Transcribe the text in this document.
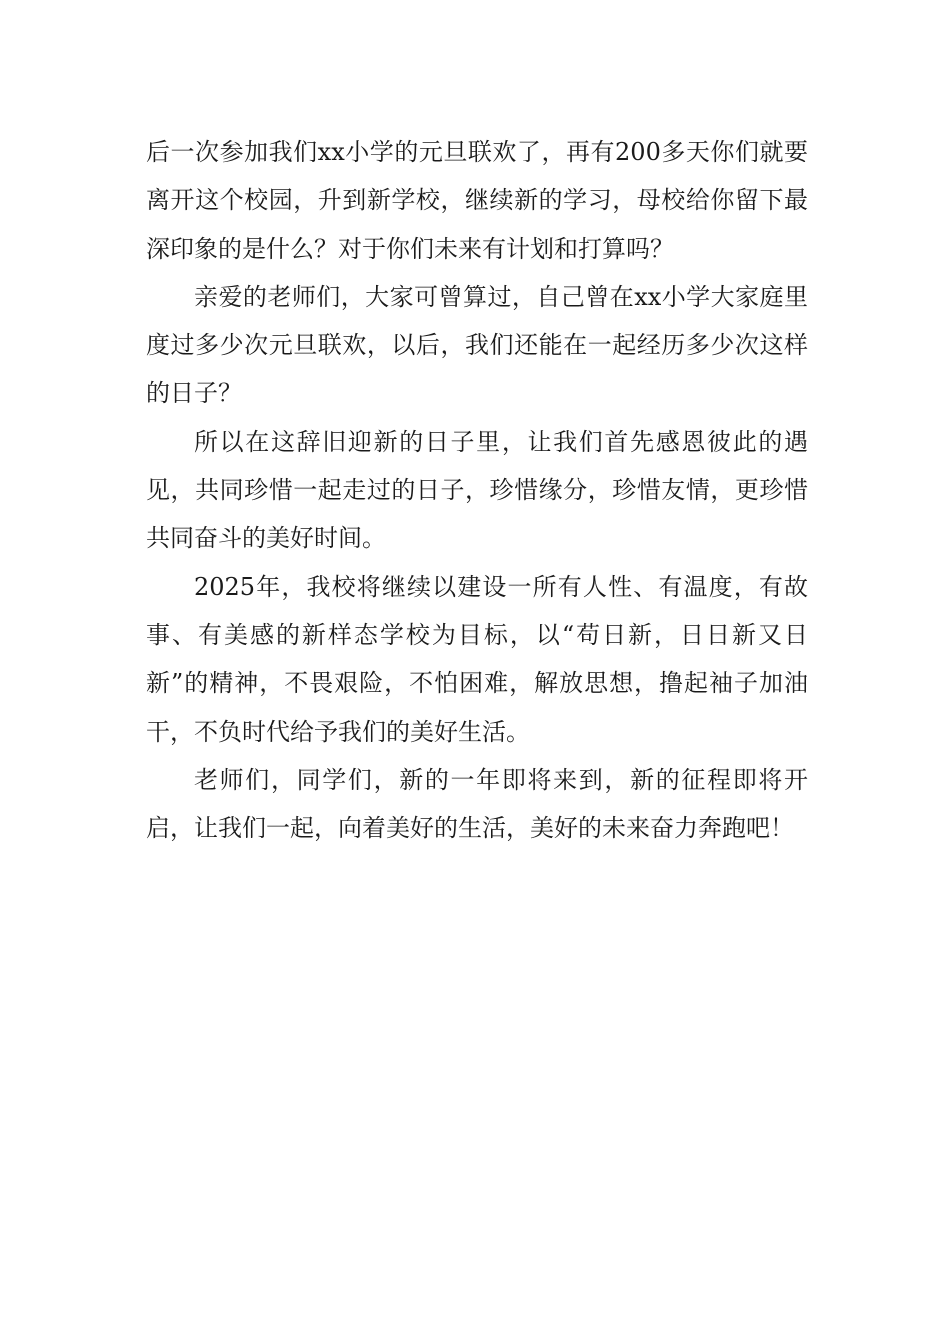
后一次参加我们xx小学的元旦联欢了，再有200多天你们就要离开这个校园，升到新学校，继续新的学习，母校给你留下最深印象的是什么？对于你们未来有计划和打算吗？

亲爱的老师们，大家可曾算过，自己曾在xx小学大家庭里度过多少次元旦联欢，以后，我们还能在一起经历多少次这样的日子？

所以在这辞旧迎新的日子里，让我们首先感恩彼此的遇见，共同珍惜一起走过的日子，珍惜缘分，珍惜友情，更珍惜共同奋斗的美好时间。

2025年，我校将继续以建设一所有人性、有温度，有故事、有美感的新样态学校为目标，以“苟日新，日日新又日新”的精神，不畏艰险，不怕困难，解放思想，撸起袖子加油干，不负时代给予我们的美好生活。

老师们，同学们，新的一年即将来到，新的征程即将开启，让我们一起，向着美好的生活，美好的未来奋力奔跑吧！
